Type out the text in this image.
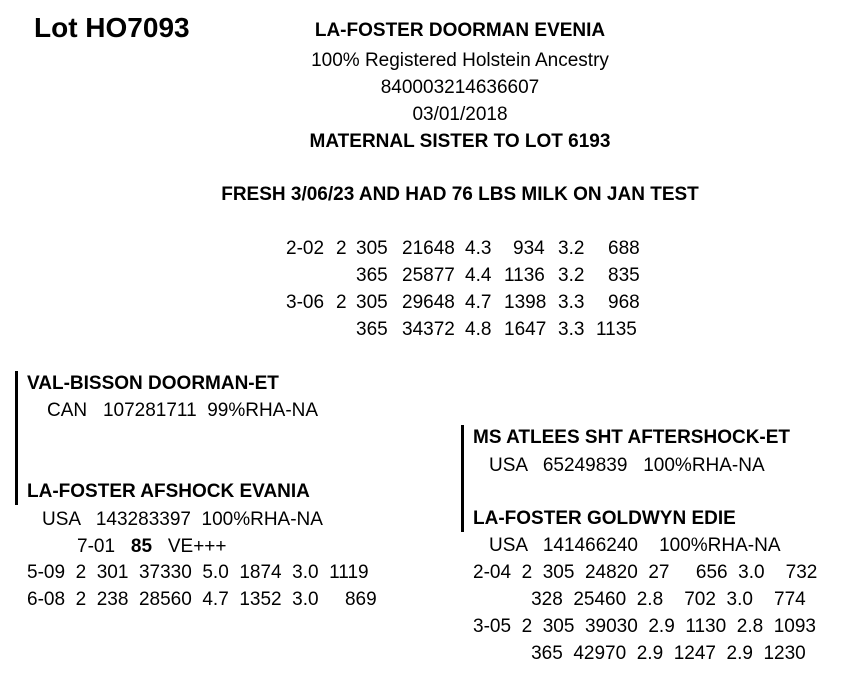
Lot HO7093	LA-FOSTER DOORMAN EVENIA
100% Registered Holstein Ancestry
840003214636607
03/01/2018
MATERNAL SISTER TO LOT 6193
FRESH 3/06/23 AND HAD 76 LBS MILK ON JAN TEST
2-02 2 305 21648 4.3 934 3.2 688
365 25877 4.4 1136 3.2 835
3-06 2 305 29648 4.7 1398 3.3 968
365 34372 4.8 1647 3.3 1135
VAL-BISSON DOORMAN-ET
CAN   107281711  99%RHA-NA
LA-FOSTER AFSHOCK EVANIA
USA   143283397  100%RHA-NA
7-01 85 VE+++
5-09  2  301  37330  5.0  1874  3.0  1119
6-08  2  238  28560  4.7  1352  3.0     869
MS ATLEES SHT AFTERSHOCK-ET
USA   65249839   100%RHA-NA
LA-FOSTER GOLDWYN EDIE
USA   141466240    100%RHA-NA
2-04  2  305  24820  27     656  3.0    732
328  25460  2.8    702  3.0    774
3-05  2  305  39030  2.9  1130  2.8  1093
365  42970  2.9  1247  2.9  1230
